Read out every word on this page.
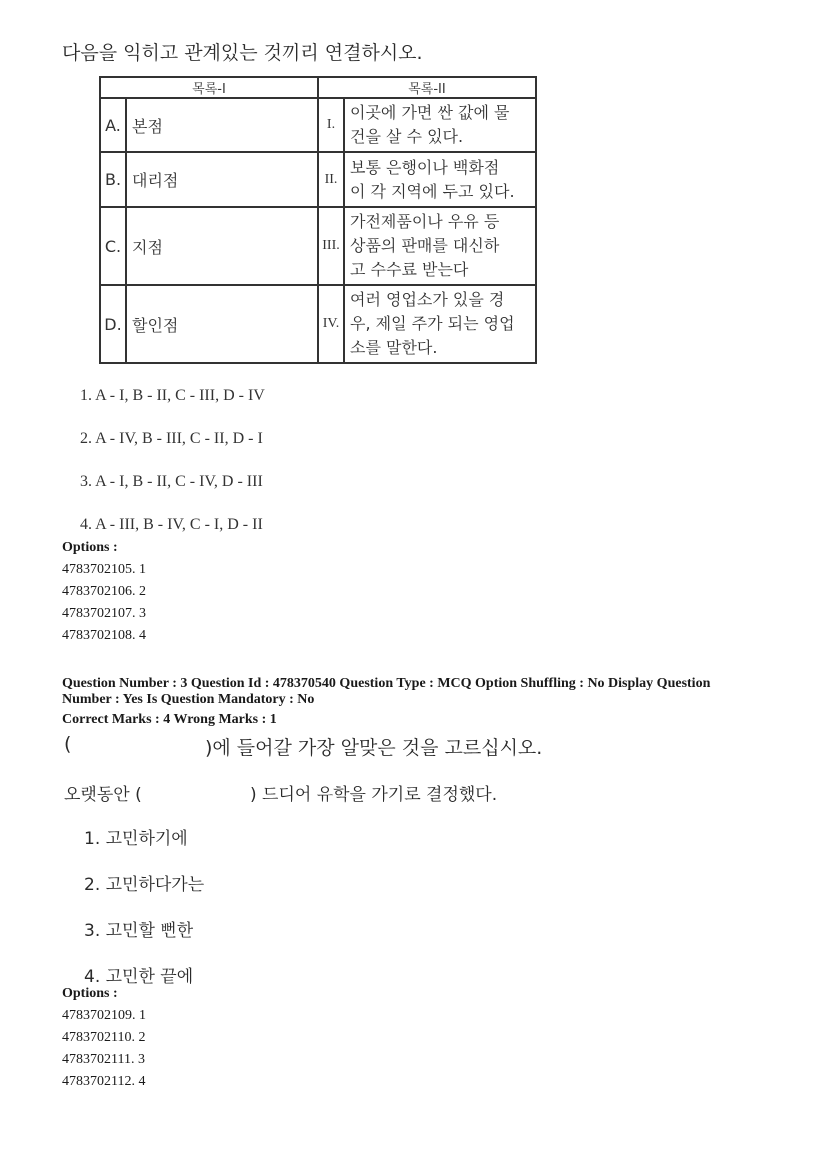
다음을 익히고 관계있는 것끼리 연결하시오.
목록-I		목록-II	
A.	본점	I.	이곳에 가면 싼 값에 물
건을 살 수 있다.

B.	대리점	II.	보통 은행이나 백화점
이 각 지역에 두고 있다.

C.	지점	III.	가전제품이나 우유 등
상품의 판매를 대신하
고 수수료 받는다

D.	할인점	IV.	여러 영업소가 있을 경
우, 제일 주가 되는 영업
소를 말한다.
1. A - I, B - II, C - III, D - IV
2. A - IV, B - III, C - II, D - I
3. A - I, B - II, C - IV, D - III
4. A - III, B - IV, C - I, D - II
Options :
4783702105. 1
4783702106. 2
4783702107. 3
4783702108. 4
Question Number : 3 Question Id : 478370540 Question Type : MCQ Option Shuffling : No Display Question
Number : Yes Is Question Mandatory : No
Correct Marks : 4 Wrong Marks : 1
(	)에 들어갈 가장 알맞은 것을 고르십시오.
오랫동안 (	) 드디어 유학을 가기로 결정했다.
1. 고민하기에
2. 고민하다가는
3. 고민할 뻔한
4. 고민한 끝에
Options :
4783702109. 1
4783702110. 2
4783702111. 3
4783702112. 4
